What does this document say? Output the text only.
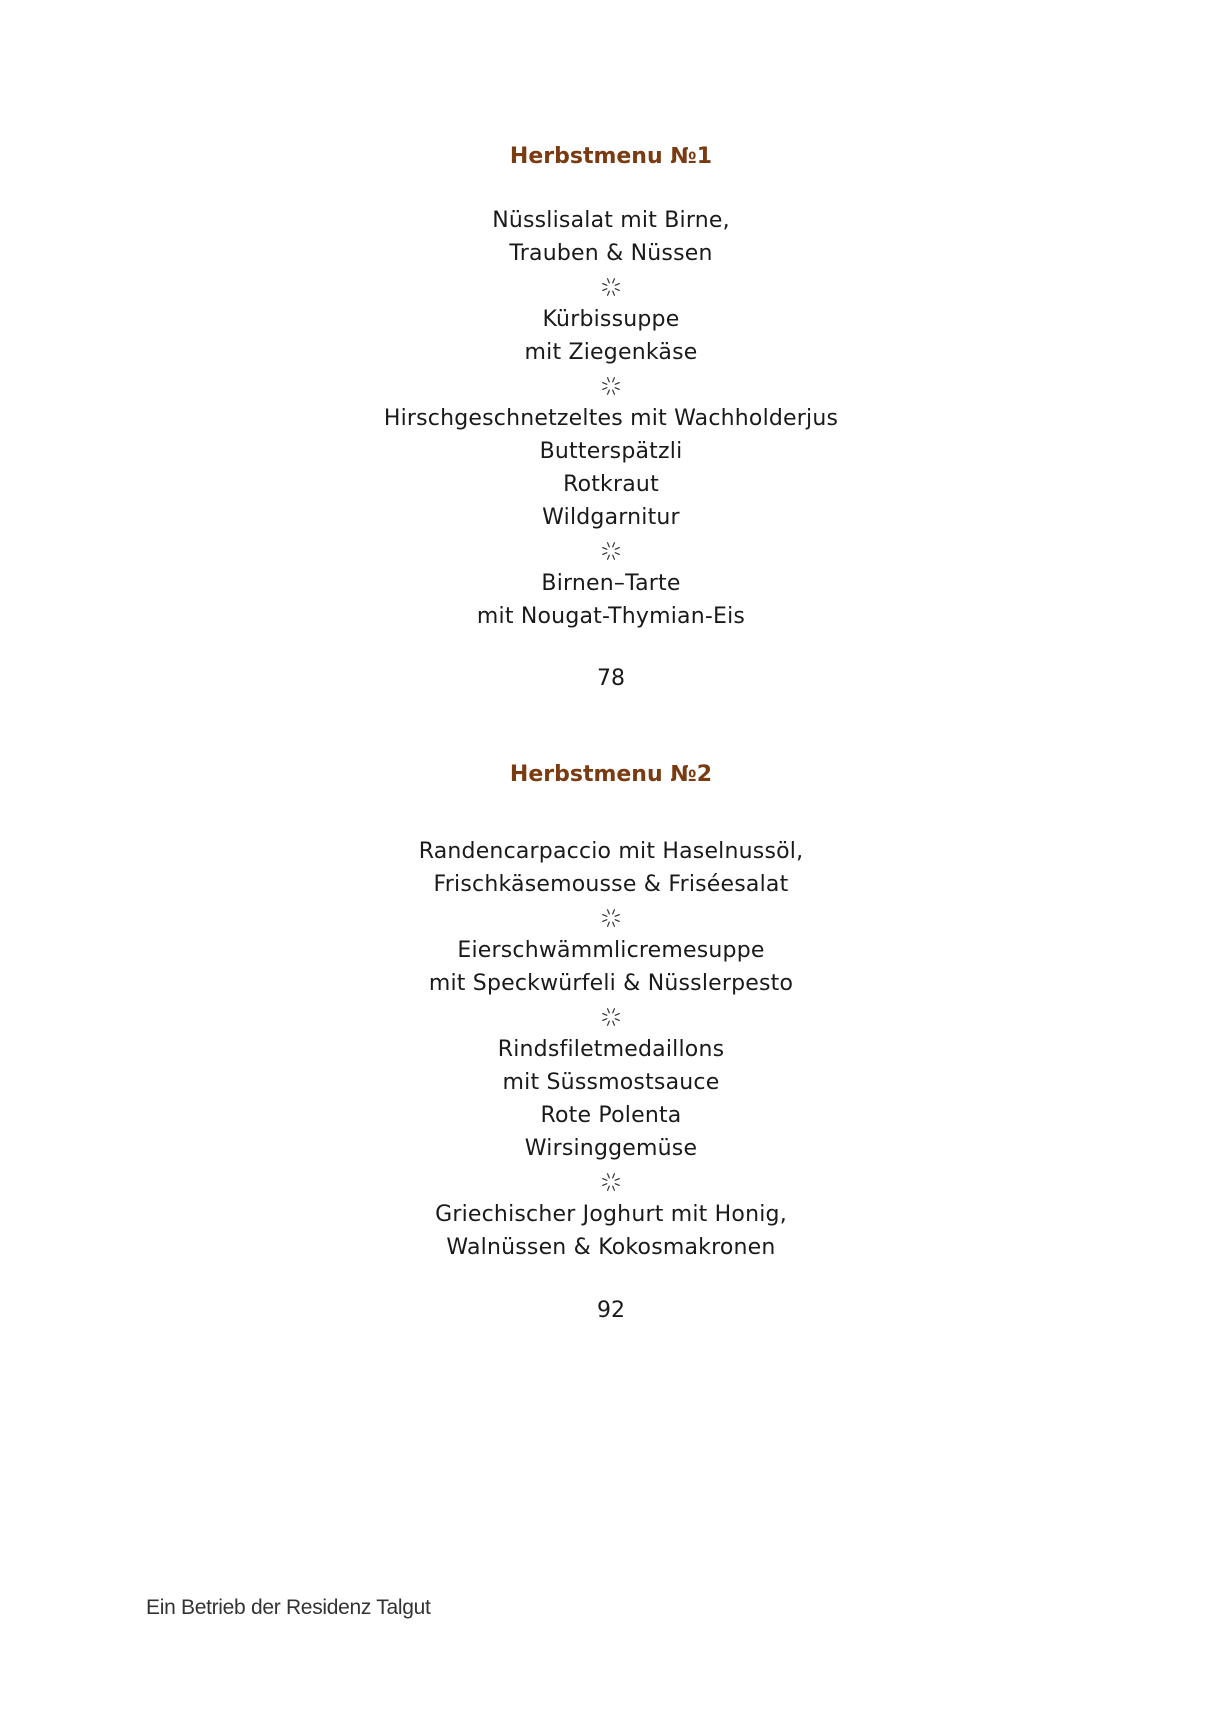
Herbstmenu №1
Nüsslisalat mit Birne,
Trauben & Nüssen
Kürbissuppe
mit Ziegenkäse
Hirschgeschnetzeltes mit Wachholderjus
Butterspätzli
Rotkraut
Wildgarnitur
Birnen–Tarte
mit Nougat-Thymian-Eis
78
Herbstmenu №2
Randencarpaccio mit Haselnussöl,
Frischkäsemousse & Friséesalat
Eierschwämmlicremesuppe
mit Speckwürfeli & Nüsslerpesto
Rindsfiletmedaillons
mit Süssmostsauce
Rote Polenta
Wirsinggemüse
Griechischer Joghurt mit Honig,
Walnüssen & Kokosmakronen
92
Ein Betrieb der Residenz Talgut
